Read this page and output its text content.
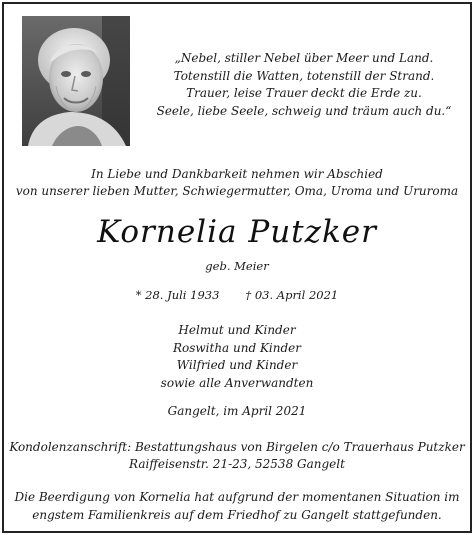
„Nebel, stiller Nebel über Meer und Land.
Totenstill die Watten, totenstill der Strand.
Trauer, leise Trauer deckt die Erde zu.
Seele, liebe Seele, schweig und träum auch du.“
In Liebe und Dankbarkeit nehmen wir Abschied
von unserer lieben Mutter, Schwiegermutter, Oma, Uroma und Ururoma
Kornelia Putzker
geb. Meier
* 28. Juli 1933 † 03. April 2021
Helmut und Kinder
Roswitha und Kinder
Wilfried und Kinder
sowie alle Anverwandten
Gangelt, im April 2021
Kondolenzanschrift: Bestattungshaus von Birgelen c/o Trauerhaus Putzker
Raiffeisenstr. 21-23, 52538 Gangelt
Die Beerdigung von Kornelia hat aufgrund der momentanen Situation im
engstem Familienkreis auf dem Friedhof zu Gangelt stattgefunden.
